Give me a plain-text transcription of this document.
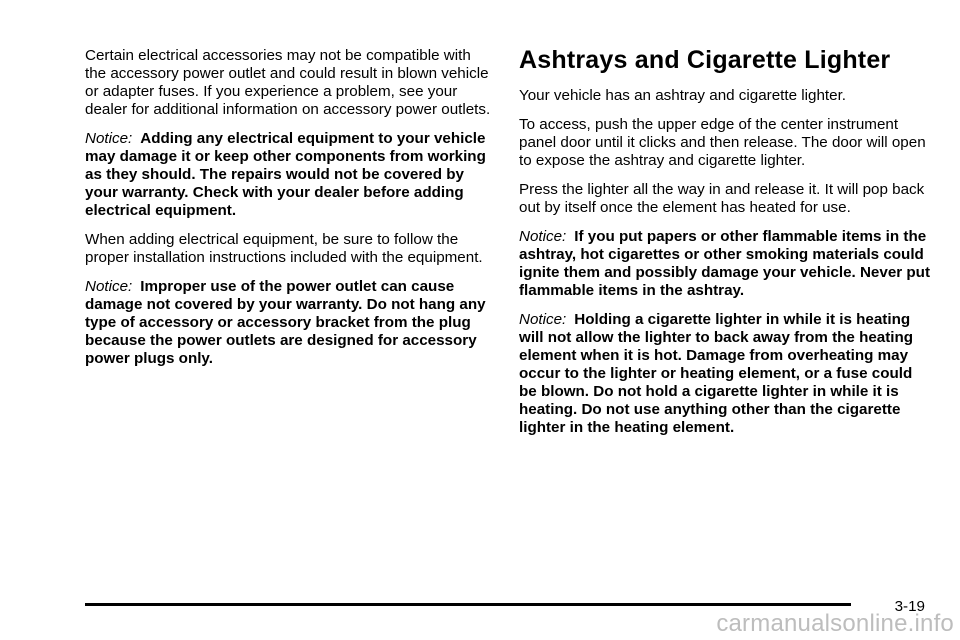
Certain electrical accessories may not be compatible with the accessory power outlet and could result in blown vehicle or adapter fuses. If you experience a problem, see your dealer for additional information on accessory power outlets.

Notice: Adding any electrical equipment to your vehicle may damage it or keep other components from working as they should. The repairs would not be covered by your warranty. Check with your dealer before adding electrical equipment.

When adding electrical equipment, be sure to follow the proper installation instructions included with the equipment.

Notice: Improper use of the power outlet can cause damage not covered by your warranty. Do not hang any type of accessory or accessory bracket from the plug because the power outlets are designed for accessory power plugs only.

Ashtrays and Cigarette Lighter

Your vehicle has an ashtray and cigarette lighter.

To access, push the upper edge of the center instrument panel door until it clicks and then release. The door will open to expose the ashtray and cigarette lighter.

Press the lighter all the way in and release it. It will pop back out by itself once the element has heated for use.

Notice: If you put papers or other flammable items in the ashtray, hot cigarettes or other smoking materials could ignite them and possibly damage your vehicle. Never put flammable items in the ashtray.

Notice: Holding a cigarette lighter in while it is heating will not allow the lighter to back away from the heating element when it is hot. Damage from overheating may occur to the lighter or heating element, or a fuse could be blown. Do not hold a cigarette lighter in while it is heating. Do not use anything other than the cigarette lighter in the heating element.

3-19
carmanualsonline.info
